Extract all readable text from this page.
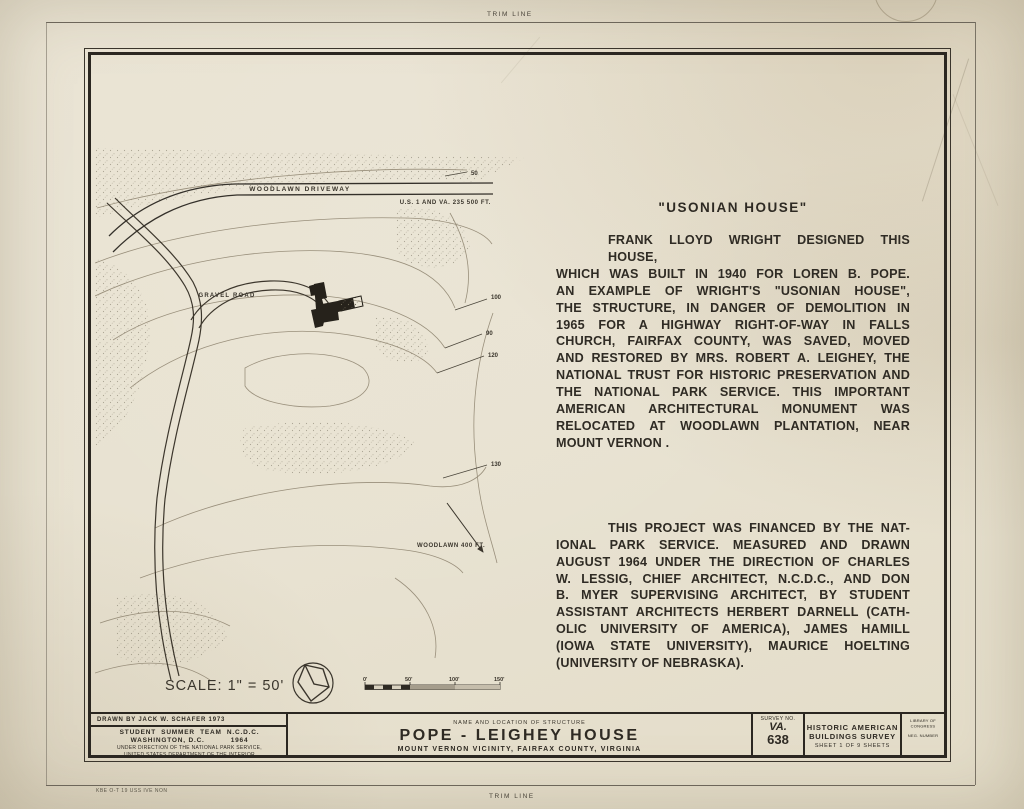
TRIM LINE
TRIM LINE
KBE O-T 19 USS IVE NON
WOODLAWN DRIVEWAY
U.S. 1 AND VA. 235 500 FT.
50
GRAVEL ROAD	100
90
120
130
WOODLAWN 400 FT.
SCALE: 1" = 50'	0'	50'	100'	150'
"USONIAN HOUSE"
FRANK LLOYD WRIGHT DESIGNED THIS HOUSE,
WHICH WAS BUILT IN 1940 FOR LOREN B. POPE.
AN EXAMPLE OF WRIGHT'S "USONIAN HOUSE",
THE STRUCTURE, IN DANGER OF DEMOLITION IN
1965 FOR A HIGHWAY RIGHT-OF-WAY IN FALLS
CHURCH, FAIRFAX COUNTY, WAS SAVED, MOVED
AND RESTORED BY MRS. ROBERT A. LEIGHEY, THE
NATIONAL TRUST FOR HISTORIC PRESERVATION AND
THE NATIONAL PARK SERVICE. THIS IMPORTANT
AMERICAN ARCHITECTURAL MONUMENT WAS
RELOCATED AT WOODLAWN PLANTATION, NEAR
MOUNT VERNON .
THIS PROJECT WAS FINANCED BY THE NAT-
IONAL PARK SERVICE. MEASURED AND DRAWN
AUGUST 1964 UNDER THE DIRECTION OF CHARLES
W. LESSIG, CHIEF ARCHITECT, N.C.D.C., AND DON
B. MYER SUPERVISING ARCHITECT, BY STUDENT
ASSISTANT ARCHITECTS HERBERT DARNELL (CATH-
OLIC UNIVERSITY OF AMERICA), JAMES HAMILL
(IOWA STATE UNIVERSITY), MAURICE HOELTING
(UNIVERSITY OF NEBRASKA).
DRAWN BY JACK W. SCHAFER 1973
STUDENT  SUMMER  TEAM  N.C.D.C.
WASHINGTON, D.C.          1964
UNDER DIRECTION OF THE NATIONAL PARK SERVICE,
UNITED STATES DEPARTMENT OF THE INTERIOR
NAME AND LOCATION OF STRUCTURE
POPE - LEIGHEY HOUSE
MOUNT VERNON VICINITY, FAIRFAX COUNTY, VIRGINIA
SURVEY NO.
VA.
638
HISTORIC AMERICAN
BUILDINGS SURVEY
SHEET 1 OF 9 SHEETS
LIBRARY OF CONGRESS
NEG. NUMBER
